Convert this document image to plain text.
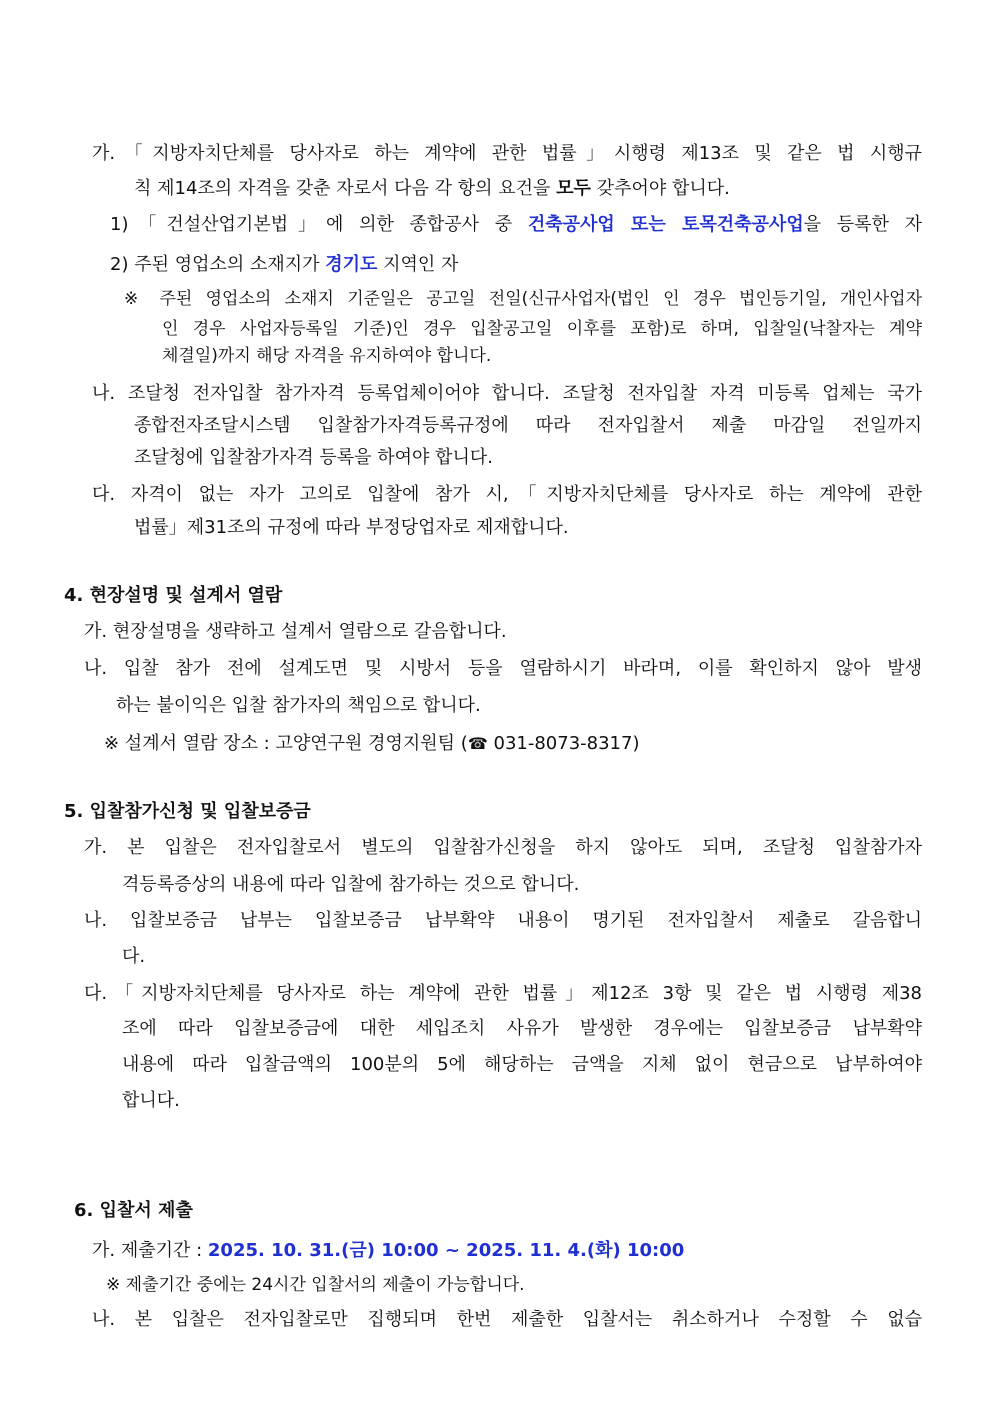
가.「지방자치단체를 당사자로 하는 계약에 관한 법률」시행령 제13조 및 같은 법 시행규

칙 제14조의 자격을 갖춘 자로서 다음 각 항의 요건을 모두 갖추어야 합니다.

1)「건설산업기본법」에 의한 종합공사 중 건축공사업 또는 토목건축공사업을 등록한 자

2) 주된 영업소의 소재지가 경기도 지역인 자

※ 주된 영업소의 소재지 기준일은 공고일 전일(신규사업자(법인 인 경우 법인등기일, 개인사업자

인 경우 사업자등록일 기준)인 경우 입찰공고일 이후를 포함)로 하며, 입찰일(낙찰자는 계약

체결일)까지 해당 자격을 유지하여야 합니다.

나. 조달청 전자입찰 참가자격 등록업체이어야 합니다. 조달청 전자입찰 자격 미등록 업체는 국가

종합전자조달시스템 입찰참가자격등록규정에 따라 전자입찰서 제출 마감일 전일까지

조달청에 입찰참가자격 등록을 하여야 합니다.

다. 자격이 없는 자가 고의로 입찰에 참가 시,「지방자치단체를 당사자로 하는 계약에 관한

법률」제31조의 규정에 따라 부정당업자로 제재합니다.

4. 현장설명 및 설계서 열람

가. 현장설명을 생략하고 설계서 열람으로 갈음합니다.

나. 입찰 참가 전에 설계도면 및 시방서 등을 열람하시기 바라며, 이를 확인하지 않아 발생

하는 불이익은 입찰 참가자의 책임으로 합니다.

※ 설계서 열람 장소 : 고양연구원 경영지원팀 (☎ 031-8073-8317)

5. 입찰참가신청 및 입찰보증금

가. 본 입찰은 전자입찰로서 별도의 입찰참가신청을 하지 않아도 되며, 조달청 입찰참가자

격등록증상의 내용에 따라 입찰에 참가하는 것으로 합니다.

나. 입찰보증금 납부는 입찰보증금 납부확약 내용이 명기된 전자입찰서 제출로 갈음합니

다.

다.「지방자치단체를 당사자로 하는 계약에 관한 법률」제12조 3항 및 같은 법 시행령 제38

조에 따라 입찰보증금에 대한 세입조치 사유가 발생한 경우에는 입찰보증금 납부확약

내용에 따라 입찰금액의 100분의 5에 해당하는 금액을 지체 없이 현금으로 납부하여야

합니다.

6. 입찰서 제출

가. 제출기간 : 2025. 10. 31.(금) 10:00 ~ 2025. 11. 4.(화) 10:00

※ 제출기간 중에는 24시간 입찰서의 제출이 가능합니다.

나. 본 입찰은 전자입찰로만 집행되며 한번 제출한 입찰서는 취소하거나 수정할 수 없습
